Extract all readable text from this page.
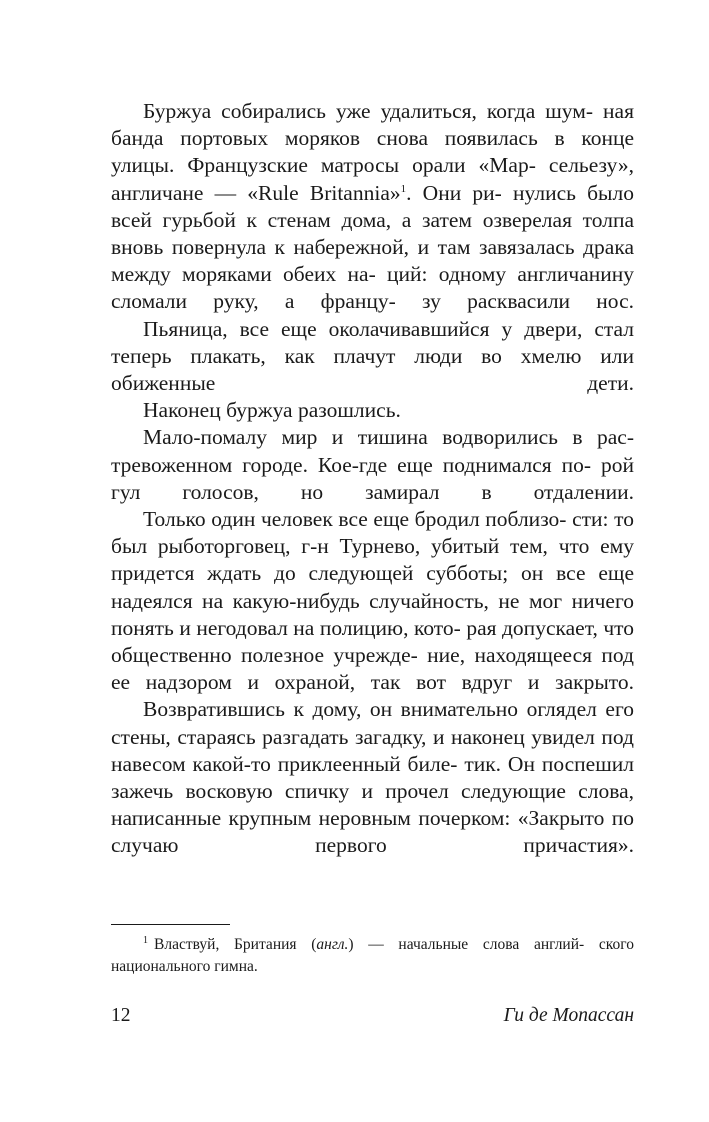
Буржуа собирались уже удалиться, когда шум- ная банда портовых моряков снова появилась в конце улицы. Французские матросы орали «Мар- сельезу», англичане — «Rule Britannia»$^1$. Они ри- нулись было всей гурьбой к стенам дома, а затем озверелая толпа вновь повернула к набережной, и там завязалась драка между моряками обеих на- ций: одному англичанину сломали руку, а францу- зу расквасили нос.

Пьяница, все еще околачивавшийся у двери, стал теперь плакать, как плачут люди во хмелю или обиженные дети.

Наконец буржуа разошлись.

Мало-помалу мир и тишина водворились в рас- тревоженном городе. Кое-где еще поднимался по- рой гул голосов, но замирал в отдалении.

Только один человек все еще бродил поблизо- сти: то был рыботорговец, г-н Турнево, убитый тем, что ему придется ждать до следующей субботы; он все еще надеялся на какую-нибудь случайность, не мог ничего понять и негодовал на полицию, кото- рая допускает, что общественно полезное учрежде- ние, находящееся под ее надзором и охраной, так вот вдруг и закрыто.

Возвратившись к дому, он внимательно оглядел его стены, стараясь разгадать загадку, и наконец увидел под навесом какой-то приклеенный биле- тик. Он поспешил зажечь восковую спичку и прочел следующие слова, написанные крупным неровным почерком: «Закрыто по случаю первого причастия».

$^1$ Властвуй, Британия (англ.) — начальные слова англий- ского национального гимна.

12	Ги де Мопассан
